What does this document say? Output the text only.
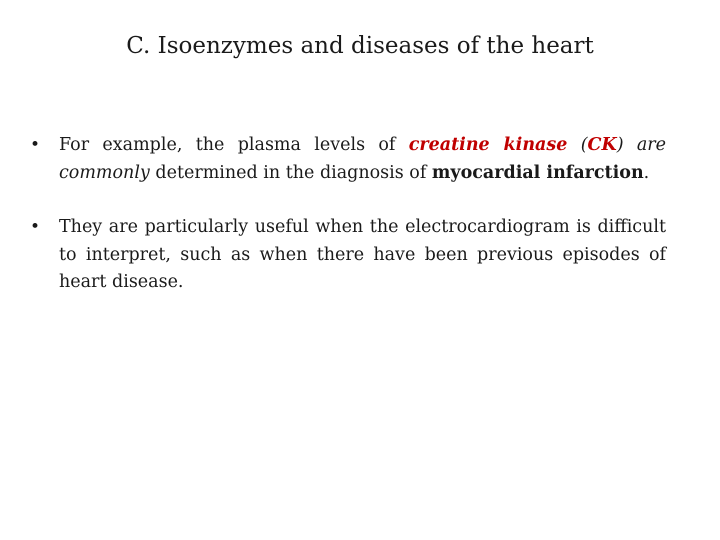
C. Isoenzymes and diseases of the heart
• For example, the plasma levels of creatine kinase (CK) are commonly determined in the diagnosis of myocardial infarction.
• They are particularly useful when the electrocardiogram is difficult to interpret, such as when there have been previous episodes of heart disease.
